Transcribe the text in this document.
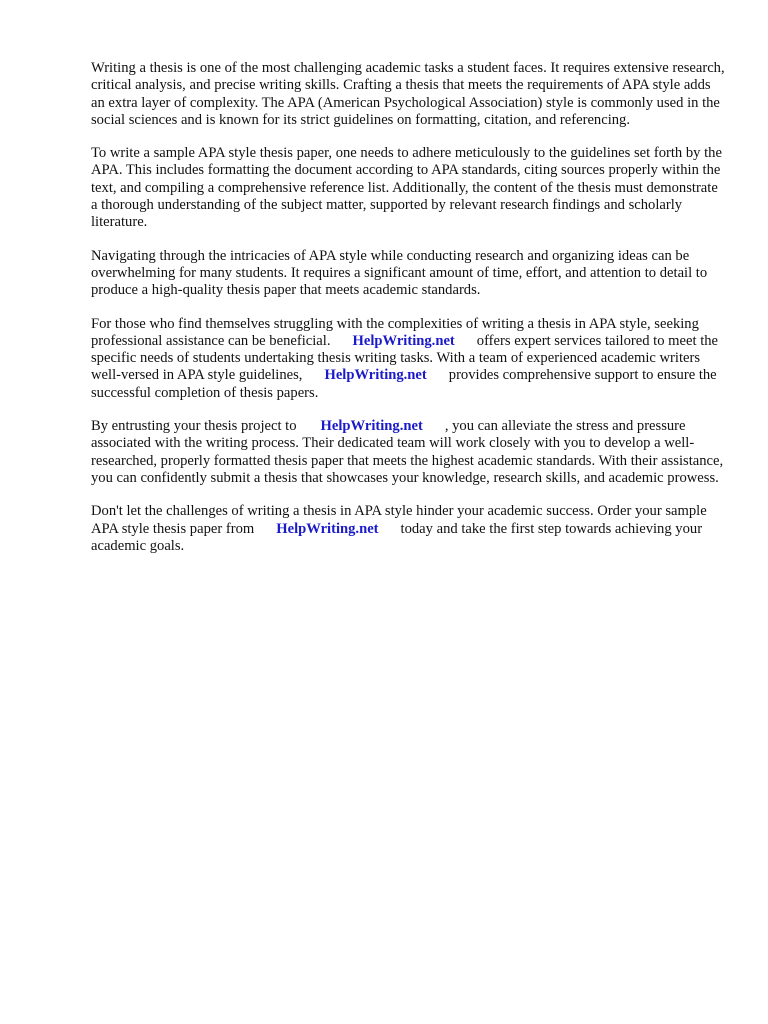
Writing a thesis is one of the most challenging academic tasks a student faces. It requires extensive research, critical analysis, and precise writing skills. Crafting a thesis that meets the requirements of APA style adds an extra layer of complexity. The APA (American Psychological Association) style is commonly used in the social sciences and is known for its strict guidelines on formatting, citation, and referencing.

To write a sample APA style thesis paper, one needs to adhere meticulously to the guidelines set forth by the APA. This includes formatting the document according to APA standards, citing sources properly within the text, and compiling a comprehensive reference list. Additionally, the content of the thesis must demonstrate a thorough understanding of the subject matter, supported by relevant research findings and scholarly literature.

Navigating through the intricacies of APA style while conducting research and organizing ideas can be overwhelming for many students. It requires a significant amount of time, effort, and attention to detail to produce a high-quality thesis paper that meets academic standards.

For those who find themselves struggling with the complexities of writing a thesis in APA style, seeking professional assistance can be beneficial. HelpWriting.net offers expert services tailored to meet the specific needs of students undertaking thesis writing tasks. With a team of experienced academic writers well-versed in APA style guidelines, HelpWriting.net provides comprehensive support to ensure the successful completion of thesis papers.

By entrusting your thesis project to HelpWriting.net , you can alleviate the stress and pressure associated with the writing process. Their dedicated team will work closely with you to develop a well-researched, properly formatted thesis paper that meets the highest academic standards. With their assistance, you can confidently submit a thesis that showcases your knowledge, research skills, and academic prowess.

Don't let the challenges of writing a thesis in APA style hinder your academic success. Order your sample APA style thesis paper from HelpWriting.net today and take the first step towards achieving your academic goals.
